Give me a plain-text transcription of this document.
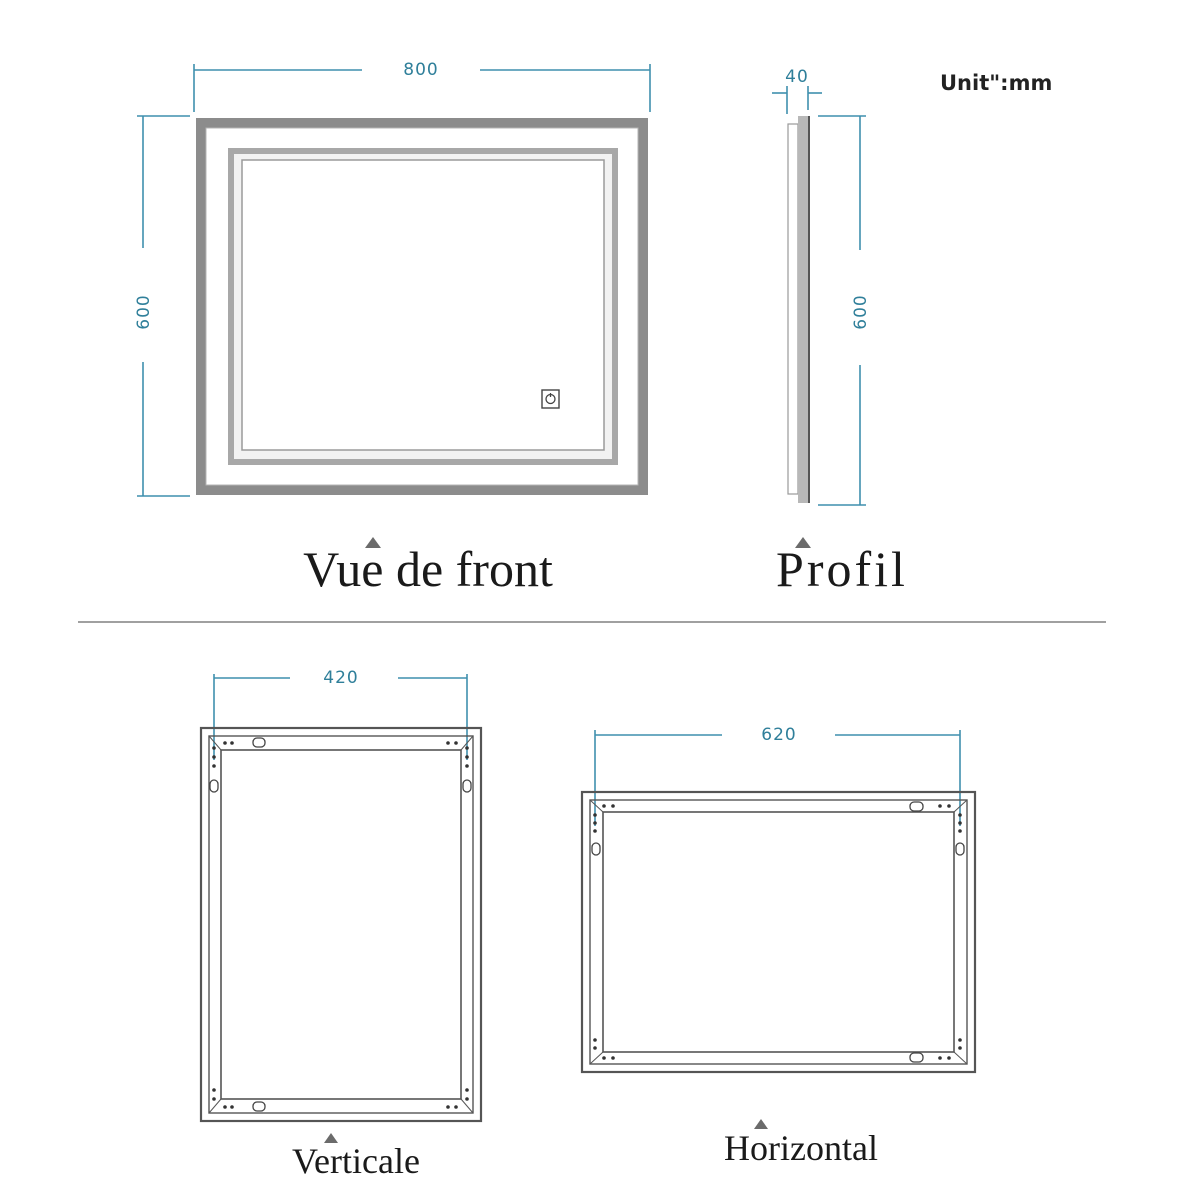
800
600
40
600
Unit":mm
Vue de front	Profil
420
Verticale
620
Horizontal
